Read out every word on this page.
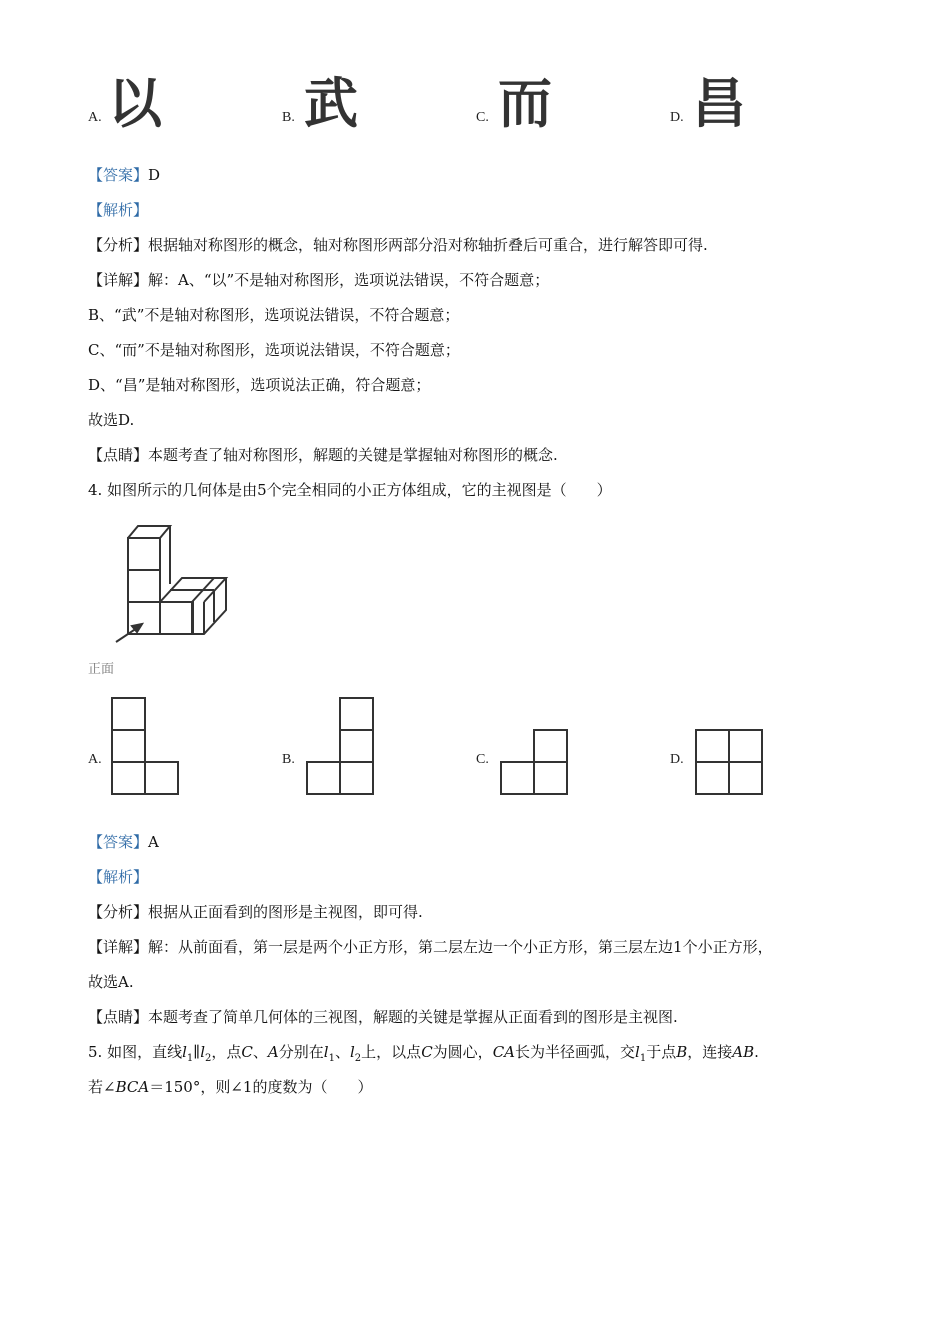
A. 以	B. 武	C. 而	D. 昌
【答案】D
【解析】
【分析】根据轴对称图形的概念，轴对称图形两部分沿对称轴折叠后可重合，进行解答即可得.
【详解】解：A、“以”不是轴对称图形，选项说法错误，不符合题意；
B、“武”不是轴对称图形，选项说法错误，不符合题意；
C、“而”不是轴对称图形，选项说法错误，不符合题意；
D、“昌”是轴对称图形，选项说法正确，符合题意；
故选D.
【点睛】本题考查了轴对称图形，解题的关键是掌握轴对称图形的概念.
4. 如图所示的几何体是由5个完全相同的小正方体组成，它的主视图是（　　）
正面
A.	B.	C.	D.
【答案】A
【解析】
【分析】根据从正面看到的图形是主视图，即可得.
【详解】解：从前面看，第一层是两个小正方形，第二层左边一个小正方形，第三层左边1个小正方形，
故选A.
【点睛】本题考查了简单几何体的三视图，解题的关键是掌握从正面看到的图形是主视图.
5. 如图，直线$l_1\parallel l_2$，点C、A分别在$l_1$、$l_2$上，以点C为圆心，CA长为半径画弧，交$l_1$于点B，连接AB.
若∠BCA＝150°，则∠1的度数为（　　）
